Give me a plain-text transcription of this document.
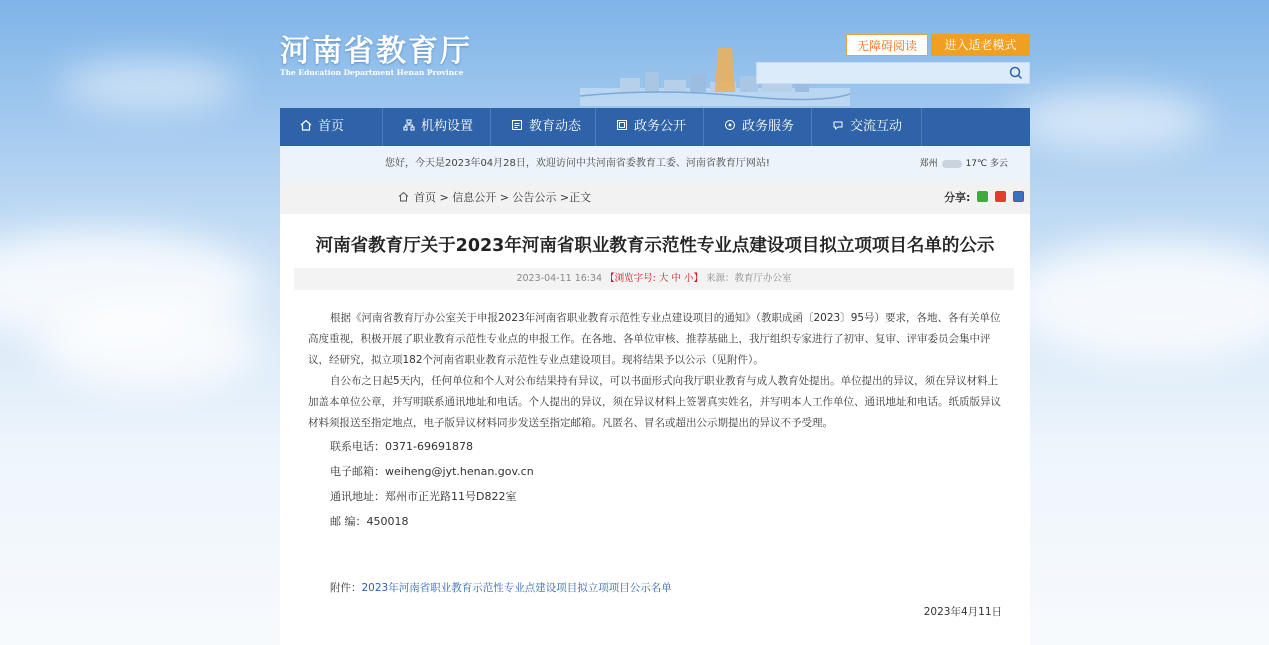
河南省教育厅
The Education Department Henan Province
无障碍阅读	进入适老模式
首页	机构设置	教育动态	政务公开	政务服务	交流互动
您好，今天是2023年04月28日，欢迎访问中共河南省委教育工委、河南省教育厅网站!	郑州	17℃ 多云
首页 > 信息公开 > 公告公示 >正文	分享:
河南省教育厅关于2023年河南省职业教育示范性专业点建设项目拟立项项目名单的公示
2023-04-11 16:34 【浏览字号: 大 中 小】 来源：教育厅办公室

根据《河南省教育厅办公室关于申报2023年河南省职业教育示范性专业点建设项目的通知》（教职成函〔2023〕95号）要求，各地、各有关单位高度重视，积极开展了职业教育示范性专业点的申报工作。在各地、各单位审核、推荐基础上，我厅组织专家进行了初审、复审、评审委员会集中评议，经研究，拟立项182个河南省职业教育示范性专业点建设项目。现将结果予以公示（见附件）。

自公布之日起5天内，任何单位和个人对公布结果持有异议，可以书面形式向我厅职业教育与成人教育处提出。单位提出的异议，须在异议材料上加盖本单位公章，并写明联系通讯地址和电话。个人提出的异议，须在异议材料上签署真实姓名，并写明本人工作单位、通讯地址和电话。纸质版异议材料须报送至指定地点，电子版异议材料同步发送至指定邮箱。凡匿名、冒名或超出公示期提出的异议不予受理。

联系电话：0371-69691878

电子邮箱：weiheng@jyt.henan.gov.cn

通讯地址：郑州市正光路11号D822室

邮 编：450018

附件：2023年河南省职业教育示范性专业点建设项目拟立项项目公示名单
2023年4月11日
